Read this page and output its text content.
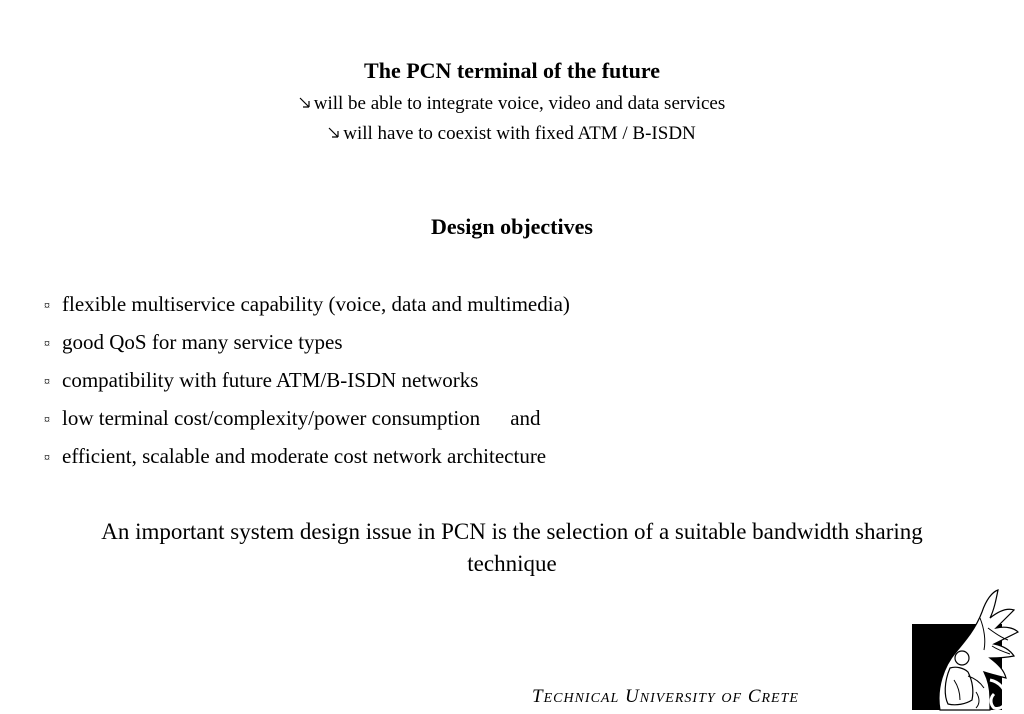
The PCN terminal of the future
will be able to integrate voice, video and data services
will have to coexist with fixed ATM / B-ISDN
Design objectives
¤ flexible multiservice capability (voice, data and multimedia)
¤ good QoS for many service types
¤ compatibility with future ATM/B-ISDN networks
¤ low terminal cost/complexity/power consumption and
¤ efficient, scalable and moderate cost network architecture
An important system design issue in PCN is the selection of a suitable bandwidth sharing technique
TECHNICAL UNIVERSITY OF CRETE
